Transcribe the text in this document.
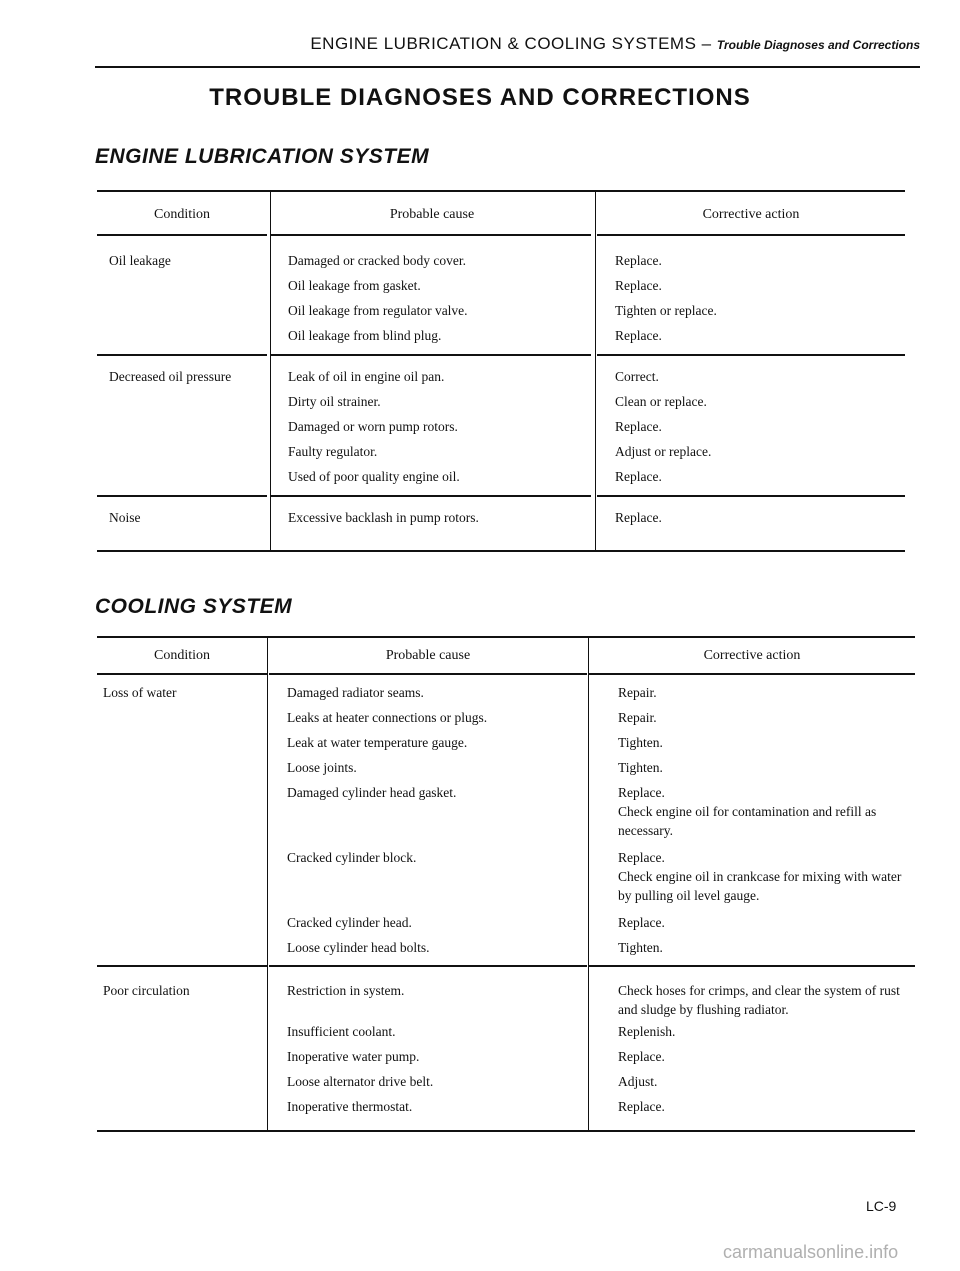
ENGINE LUBRICATION & COOLING SYSTEMS – Trouble Diagnoses and Corrections
TROUBLE DIAGNOSES AND CORRECTIONS
ENGINE LUBRICATION SYSTEM
Condition	Probable cause	Corrective action
Oil leakage	Damaged or cracked body cover.	Replace.
Oil leakage from gasket.	Replace.
Oil leakage from regulator valve.	Tighten or replace.
Oil leakage from blind plug.	Replace.
Decreased oil pressure	Leak of oil in engine oil pan.	Correct.
Dirty oil strainer.	Clean or replace.
Damaged or worn pump rotors.	Replace.
Faulty regulator.	Adjust or replace.
Used of poor quality engine oil.	Replace.
Noise	Excessive backlash in pump rotors.	Replace.
COOLING SYSTEM
Condition	Probable cause	Corrective action
Loss of water	Damaged radiator seams.	Repair.
Leaks at heater connections or plugs.	Repair.
Leak at water temperature gauge.	Tighten.
Loose joints.	Tighten.
Damaged cylinder head gasket.	Replace.
Check engine oil for contamination and refill as necessary.
Cracked cylinder block.	Replace.
Check engine oil in crankcase for mixing with water by pulling oil level gauge.
Cracked cylinder head.	Replace.
Loose cylinder head bolts.	Tighten.
Poor circulation	Restriction in system.	Check hoses for crimps, and clear the system of rust and sludge by flushing radiator.
Insufficient coolant.	Replenish.
Inoperative water pump.	Replace.
Loose alternator drive belt.	Adjust.
Inoperative thermostat.	Replace.
LC-9
carmanualsonline.info
